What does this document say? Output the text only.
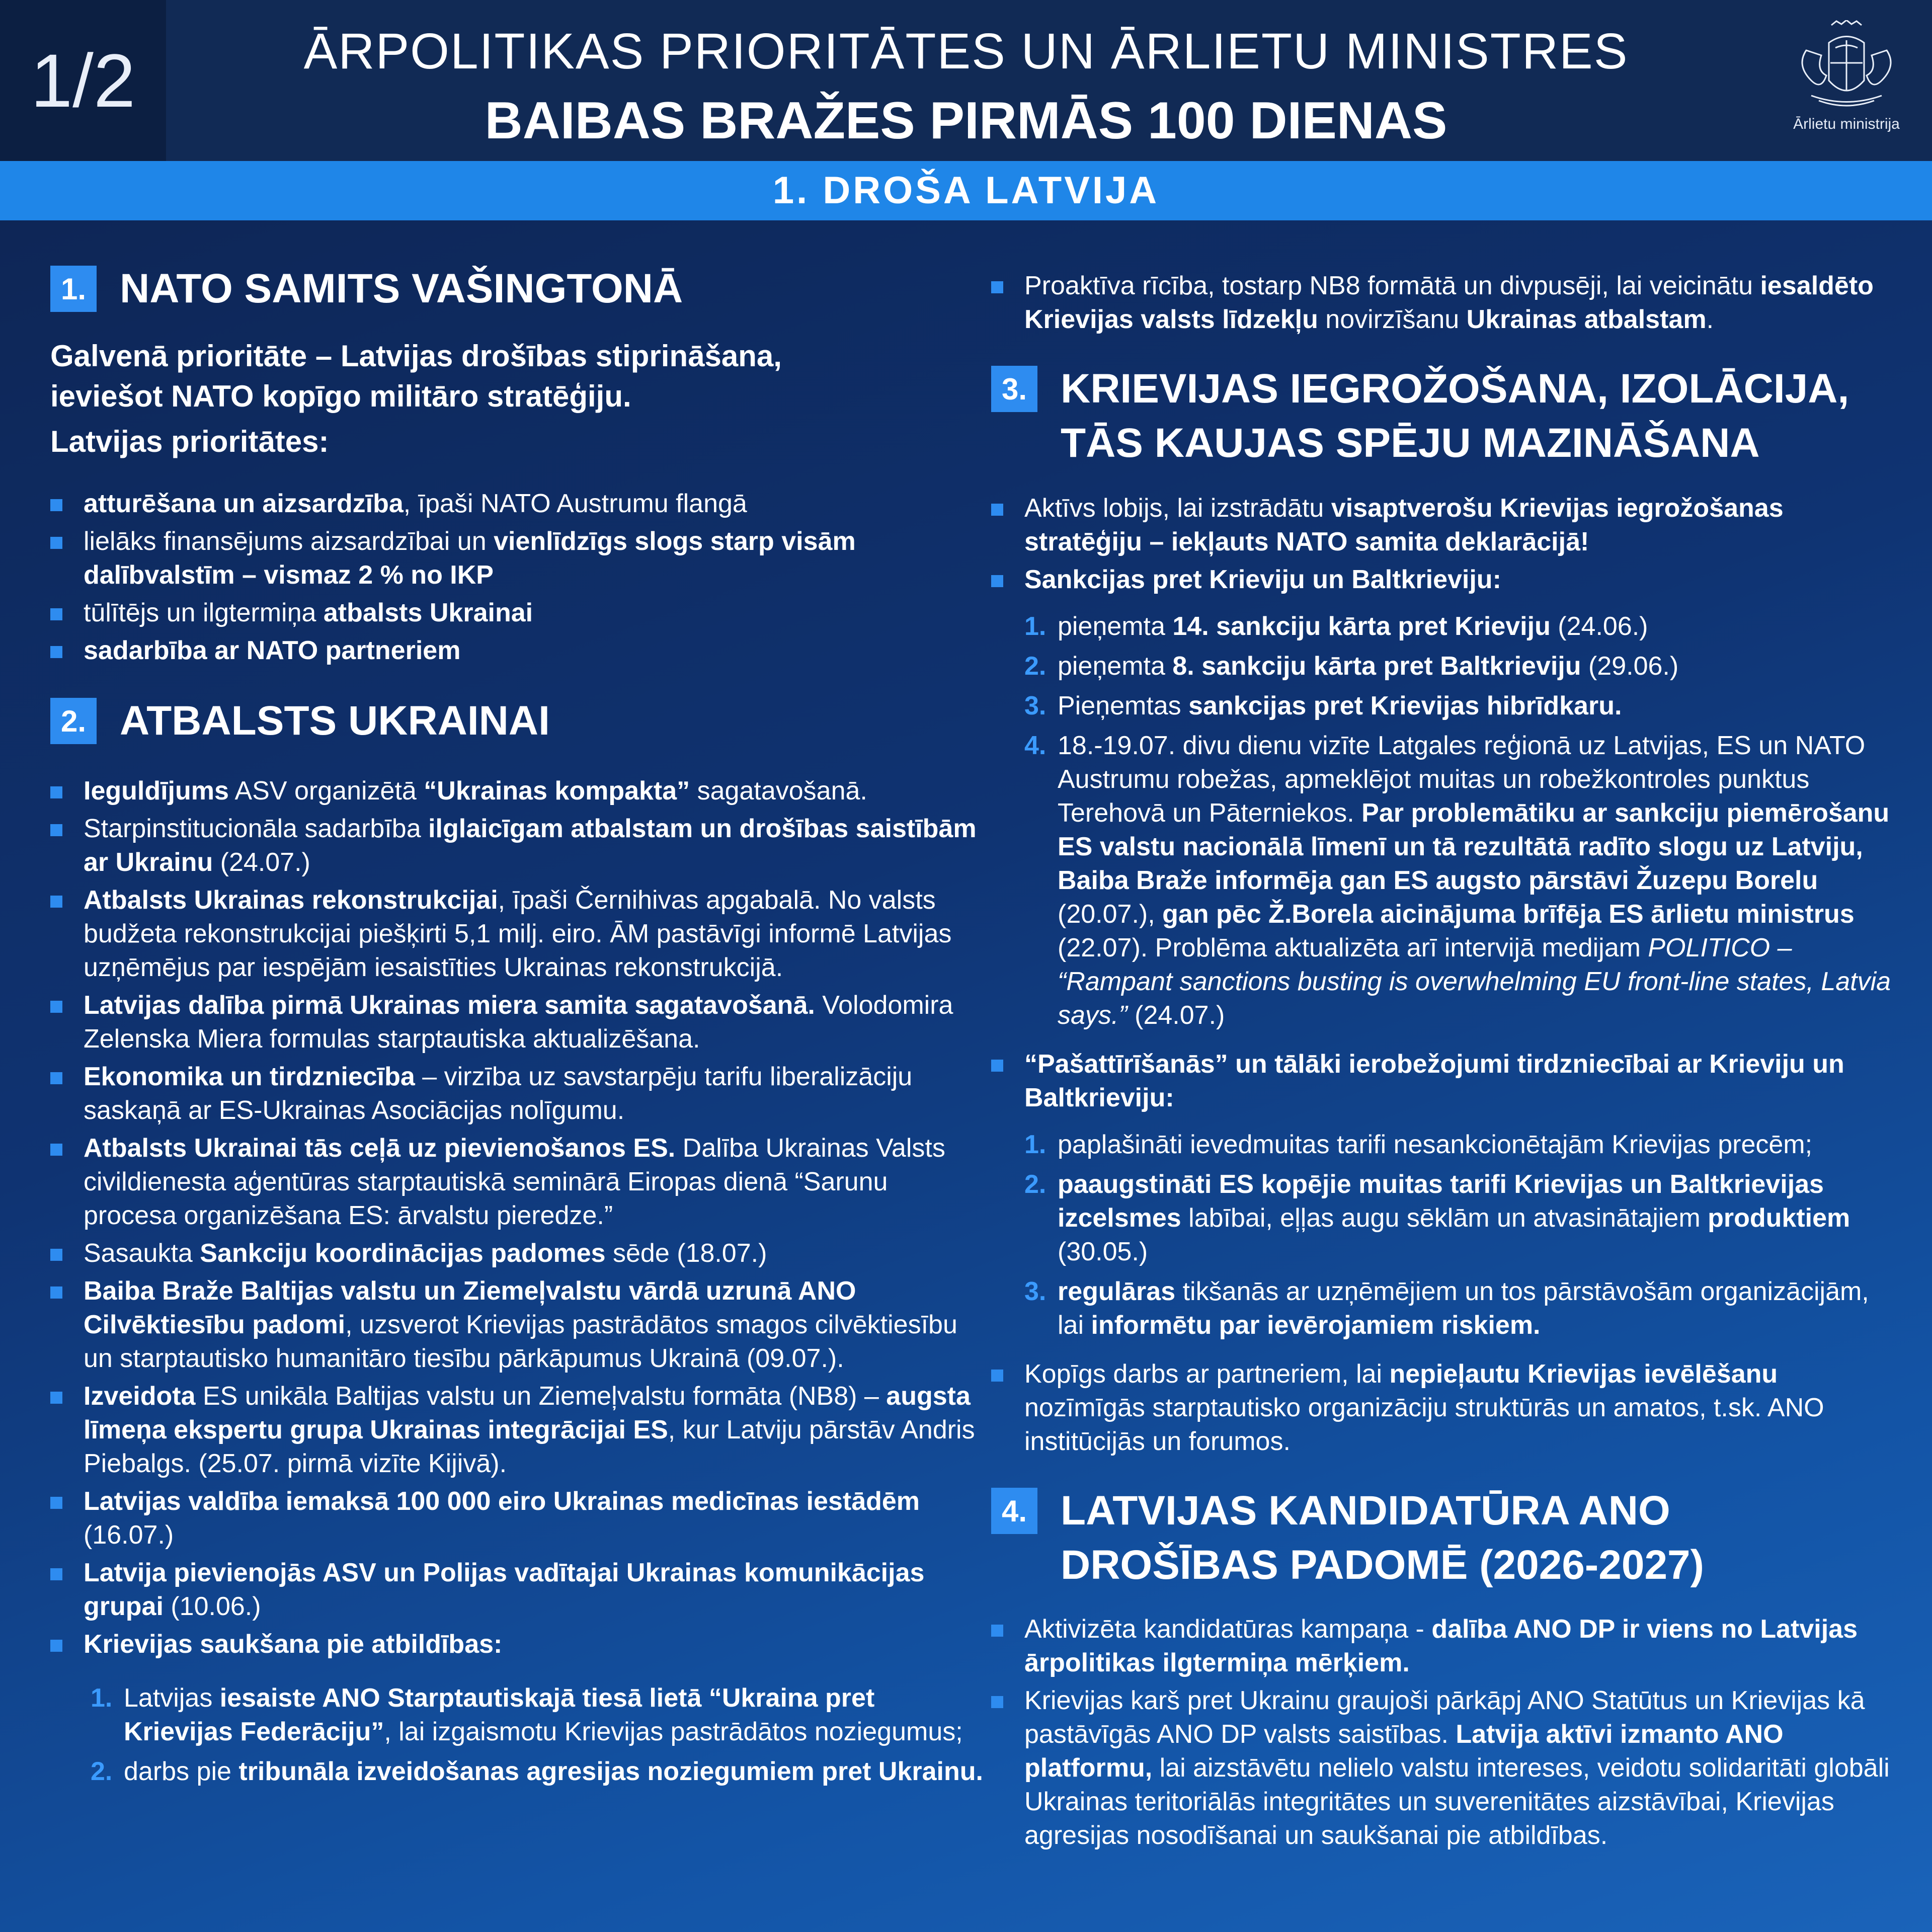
1/2	ĀRPOLITIKAS PRIORITĀTES UN ĀRLIETU MINISTRES
BAIBAS BRAŽES PIRMĀS 100 DIENAS	Ārlietu ministrija
1. DROŠA LATVIJA
1. NATO SAMITS VAŠINGTONĀ
Galvenā prioritāte – Latvijas drošības stiprināšana,
ieviešot NATO kopīgo militāro stratēģiju.
Latvijas prioritātes:
atturēšana un aizsardzība, īpaši NATO Austrumu flangā
lielāks finansējums aizsardzībai un vienlīdzīgs slogs starp visām dalībvalstīm – vismaz 2 % no IKP
tūlītējs un ilgtermiņa atbalsts Ukrainai
sadarbība ar NATO partneriem
2. ATBALSTS UKRAINAI
Ieguldījums ASV organizētā “Ukrainas kompakta” sagatavošanā.
Starpinstitucionāla sadarbība ilglaicīgam atbalstam un drošības saistībām ar Ukrainu (24.07.)
Atbalsts Ukrainas rekonstrukcijai, īpaši Černihivas apgabalā. No valsts budžeta rekonstrukcijai piešķirti 5,1 milj. eiro. ĀM pastāvīgi informē Latvijas uzņēmējus par iespējām iesaistīties Ukrainas rekonstrukcijā.
Latvijas dalība pirmā Ukrainas miera samita sagatavošanā. Volodomira Zelenska Miera formulas starptautiska aktualizēšana.
Ekonomika un tirdzniecība – virzība uz savstarpēju tarifu liberalizāciju saskaņā ar ES-Ukrainas Asociācijas nolīgumu.
Atbalsts Ukrainai tās ceļā uz pievienošanos ES. Dalība Ukrainas Valsts civildienesta aģentūras starptautiskā seminārā Eiropas dienā “Sarunu procesa organizēšana ES: ārvalstu pieredze.”
Sasaukta Sankciju koordinācijas padomes sēde (18.07.)
Baiba Braže Baltijas valstu un Ziemeļvalstu vārdā uzrunā ANO Cilvēktiesību padomi, uzsverot Krievijas pastrādātos smagos cilvēktiesību un starptautisko humanitāro tiesību pārkāpumus Ukrainā (09.07.).
Izveidota ES unikāla Baltijas valstu un Ziemeļvalstu formāta (NB8) – augsta līmeņa ekspertu grupa Ukrainas integrācijai ES, kur Latviju pārstāv Andris Piebalgs. (25.07. pirmā vizīte Kijivā).
Latvijas valdība iemaksā 100 000 eiro Ukrainas medicīnas iestādēm (16.07.)
Latvija pievienojās ASV un Polijas vadītajai Ukrainas komunikācijas grupai (10.06.)
Krievijas saukšana pie atbildības:
1. Latvijas iesaiste ANO Starptautiskajā tiesā lietā “Ukraina pret Krievijas Federāciju”, lai izgaismotu Krievijas pastrādātos noziegumus;
2. darbs pie tribunāla izveidošanas agresijas noziegumiem pret Ukrainu.
Proaktīva rīcība, tostarp NB8 formātā un divpusēji, lai veicinātu iesaldēto Krievijas valsts līdzekļu novirzīšanu Ukrainas atbalstam.
3. KRIEVIJAS IEGROŽOŠANA, IZOLĀCIJA,
TĀS KAUJAS SPĒJU MAZINĀŠANA
Aktīvs lobijs, lai izstrādātu visaptverošu Krievijas iegrožošanas stratēģiju – iekļauts NATO samita deklarācijā!
Sankcijas pret Krieviju un Baltkrieviju:
1. pieņemta 14. sankciju kārta pret Krieviju (24.06.)
2. pieņemta 8. sankciju kārta pret Baltkrieviju (29.06.)
3. Pieņemtas sankcijas pret Krievijas hibrīdkaru.
4. 18.-19.07. divu dienu vizīte Latgales reģionā uz Latvijas, ES un NATO Austrumu robežas, apmeklējot muitas un robežkontroles punktus Terehovā un Pāterniekos. Par problemātiku ar sankciju piemērošanu ES valstu nacionālā līmenī un tā rezultātā radīto slogu uz Latviju, Baiba Braže informēja gan ES augsto pārstāvi Žuzepu Borelu (20.07.), gan pēc Ž.Borela aicinājuma brīfēja ES ārlietu ministrus (22.07). Problēma aktualizēta arī intervijā medijam POLITICO – “Rampant sanctions busting is overwhelming EU front-line states, Latvia says.” (24.07.)
“Pašattīrīšanās” un tālāki ierobežojumi tirdzniecībai ar Krieviju un Baltkrieviju:
1. paplašināti ievedmuitas tarifi nesankcionētajām Krievijas precēm;
2. paaugstināti ES kopējie muitas tarifi Krievijas un Baltkrievijas izcelsmes labībai, eļļas augu sēklām un atvasinātajiem produktiem (30.05.)
3. regulāras tikšanās ar uzņēmējiem un tos pārstāvošām organizācijām, lai informētu par ievērojamiem riskiem.
Kopīgs darbs ar partneriem, lai nepieļautu Krievijas ievēlēšanu nozīmīgās starptautisko organizāciju struktūrās un amatos, t.sk. ANO institūcijās un forumos.
4. LATVIJAS KANDIDATŪRA ANO
DROŠĪBAS PADOMĒ (2026-2027)
Aktivizēta kandidatūras kampaņa - dalība ANO DP ir viens no Latvijas ārpolitikas ilgtermiņa mērķiem.
Krievijas karš pret Ukrainu graujoši pārkāpj ANO Statūtus un Krievijas kā pastāvīgās ANO DP valsts saistības. Latvija aktīvi izmanto ANO platformu, lai aizstāvētu nelielo valstu intereses, veidotu solidaritāti globāli Ukrainas teritoriālās integritātes un suverenitātes aizstāvībai, Krievijas agresijas nosodīšanai un saukšanai pie atbildības.
